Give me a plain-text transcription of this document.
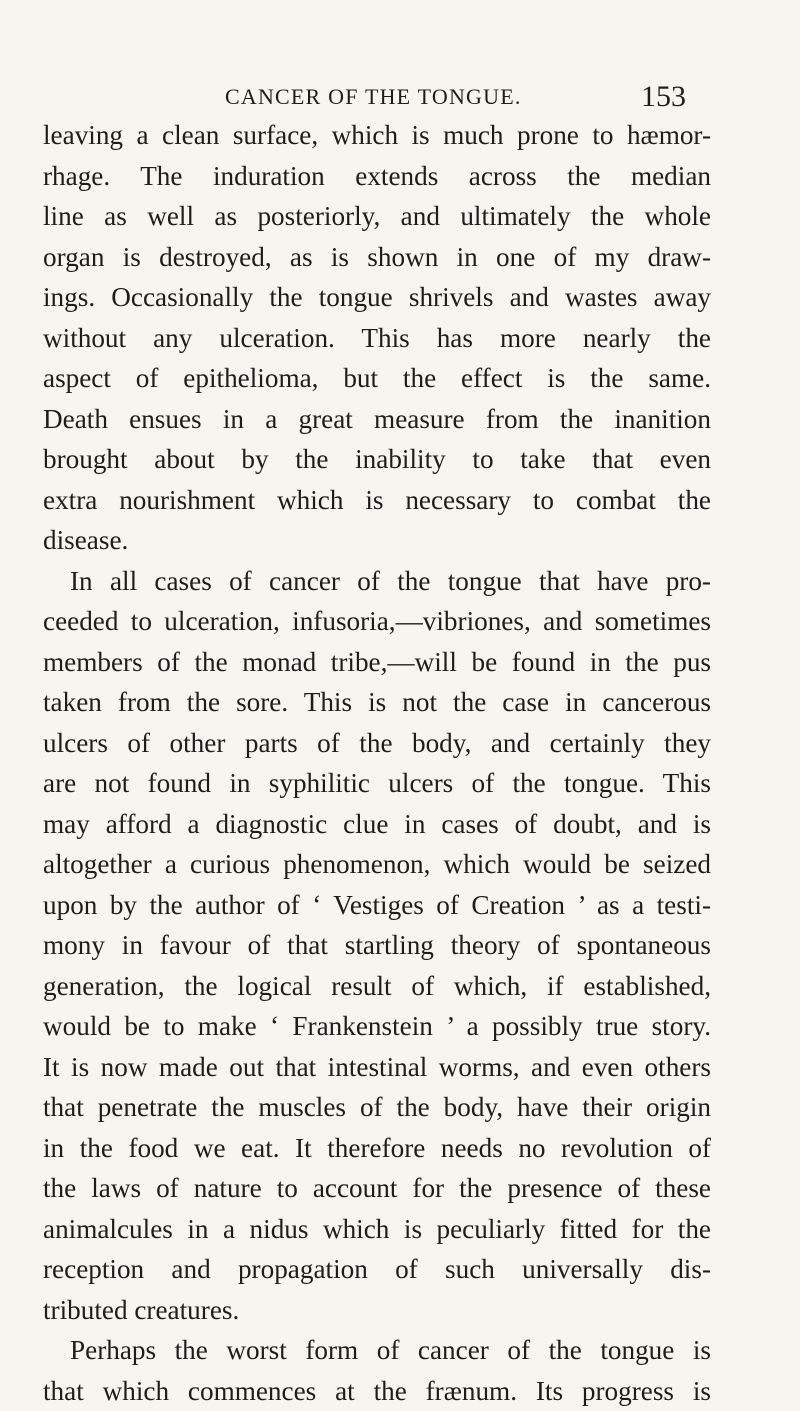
CANCER OF THE TONGUE.	153
leaving a clean surface, which is much prone to hæmor-
rhage. The induration extends across the median
line as well as posteriorly, and ultimately the whole
organ is destroyed, as is shown in one of my draw-
ings. Occasionally the tongue shrivels and wastes away
without any ulceration. This has more nearly the
aspect of epithelioma, but the effect is the same.
Death ensues in a great measure from the inanition
brought about by the inability to take that even
extra nourishment which is necessary to combat the
disease.
In all cases of cancer of the tongue that have pro-
ceeded to ulceration, infusoria,—vibriones, and sometimes
members of the monad tribe,—will be found in the pus
taken from the sore. This is not the case in cancerous
ulcers of other parts of the body, and certainly they
are not found in syphilitic ulcers of the tongue. This
may afford a diagnostic clue in cases of doubt, and is
altogether a curious phenomenon, which would be seized
upon by the author of ‘ Vestiges of Creation ’ as a testi-
mony in favour of that startling theory of spontaneous
generation, the logical result of which, if established,
would be to make ‘ Frankenstein ’ a possibly true story.
It is now made out that intestinal worms, and even others
that penetrate the muscles of the body, have their origin
in the food we eat. It therefore needs no revolution of
the laws of nature to account for the presence of these
animalcules in a nidus which is peculiarly fitted for the
reception and propagation of such universally dis-
tributed creatures.
Perhaps the worst form of cancer of the tongue is
that which commences at the frænum. Its progress is
